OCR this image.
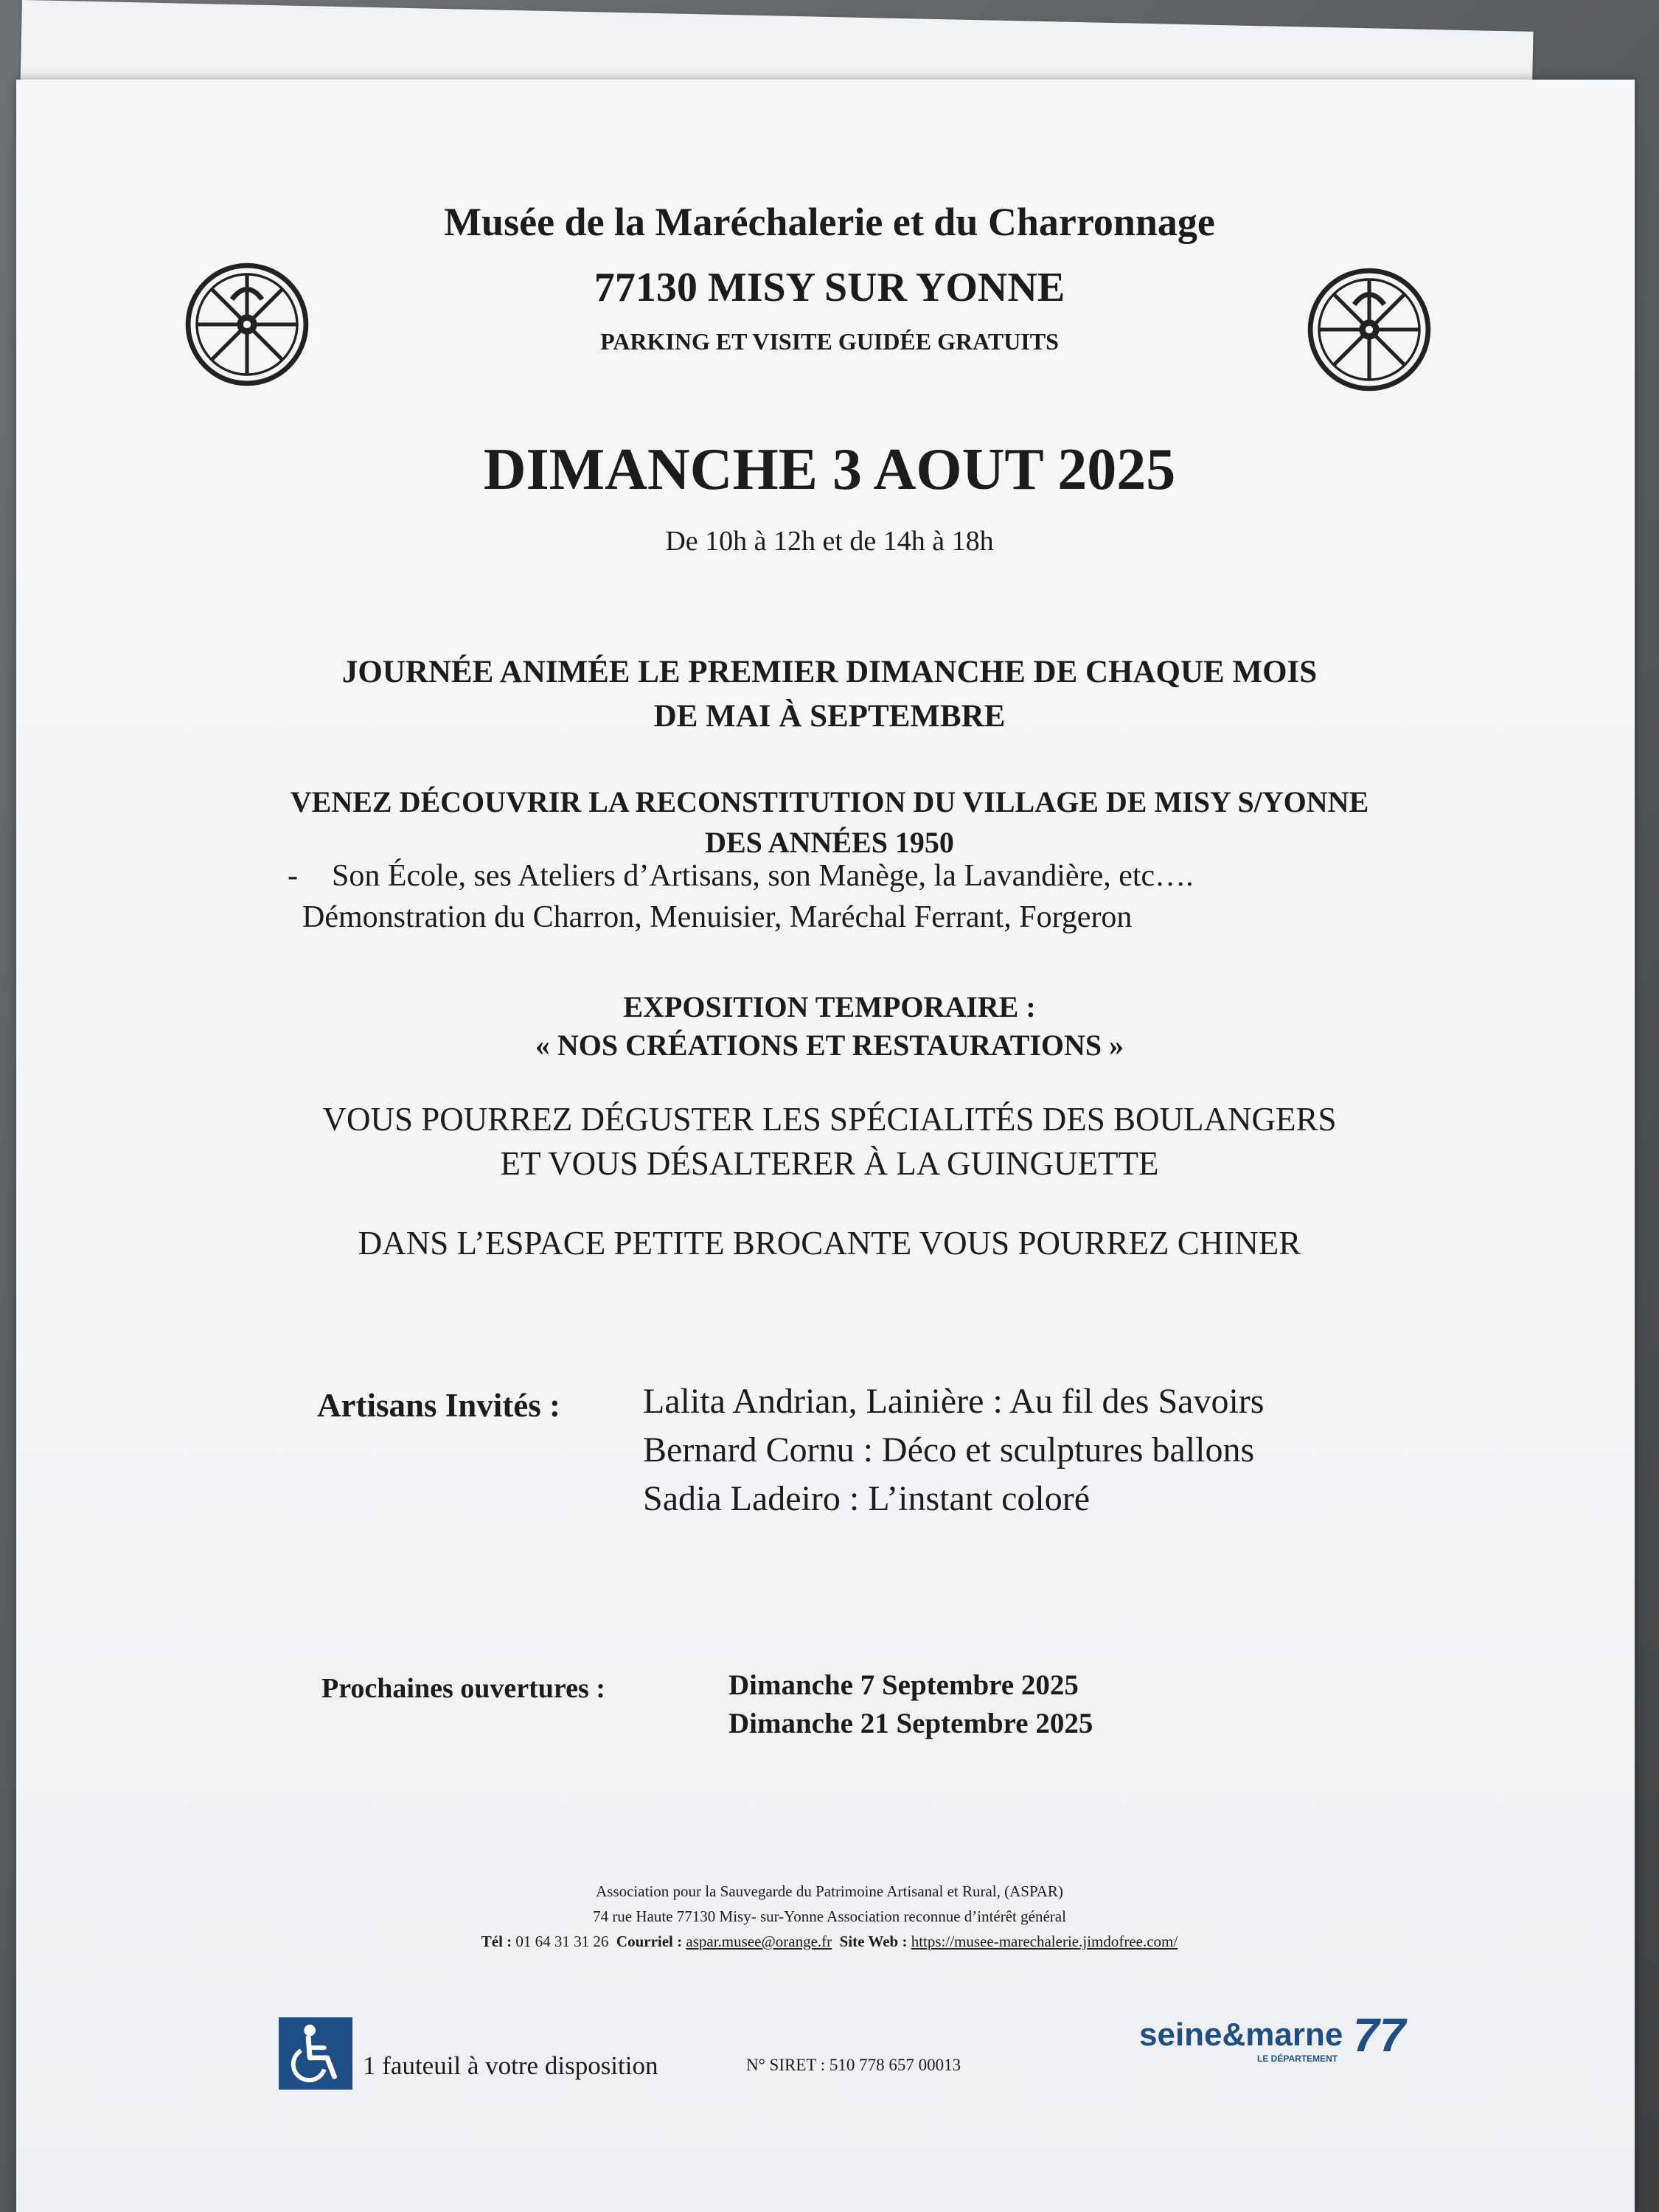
Musée de la Maréchalerie et du Charronnage
77130 MISY SUR YONNE
PARKING ET VISITE GUIDÉE GRATUITS
DIMANCHE 3 AOUT 2025
De 10h à 12h et de 14h à 18h
JOURNÉE ANIMÉE LE PREMIER DIMANCHE DE CHAQUE MOIS
DE MAI À SEPTEMBRE
VENEZ DÉCOUVRIR LA RECONSTITUTION DU VILLAGE DE MISY S/YONNE
DES ANNÉES 1950
-	Son École, ses Ateliers d’Artisans, son Manège, la Lavandière, etc….
Démonstration du Charron, Menuisier, Maréchal Ferrant, Forgeron
EXPOSITION TEMPORAIRE :
« NOS CRÉATIONS ET RESTAURATIONS »
VOUS POURREZ DÉGUSTER LES SPÉCIALITÉS DES BOULANGERS
ET VOUS DÉSALTERER À LA GUINGUETTE
DANS L’ESPACE PETITE BROCANTE VOUS POURREZ CHINER
Artisans Invités : Lalita Andrian, Lainière : Au fil des Savoirs
Bernard Cornu : Déco et sculptures ballons
Sadia Ladeiro : L’instant coloré
Prochaines ouvertures :	Dimanche 7 Septembre 2025
Dimanche 21 Septembre 2025
Association pour la Sauvegarde du Patrimoine Artisanal et Rural, (ASPAR)
74 rue Haute 77130 Misy- sur-Yonne Association reconnue d’intérêt général
Tél : 01 64 31 31 26 Courriel : aspar.musee@orange.fr Site Web : https://musee-marechalerie.jimdofree.com/
1 fauteuil à votre disposition	N° SIRET : 510 778 657 00013
seine&marne 77
LE DÉPARTEMENT
